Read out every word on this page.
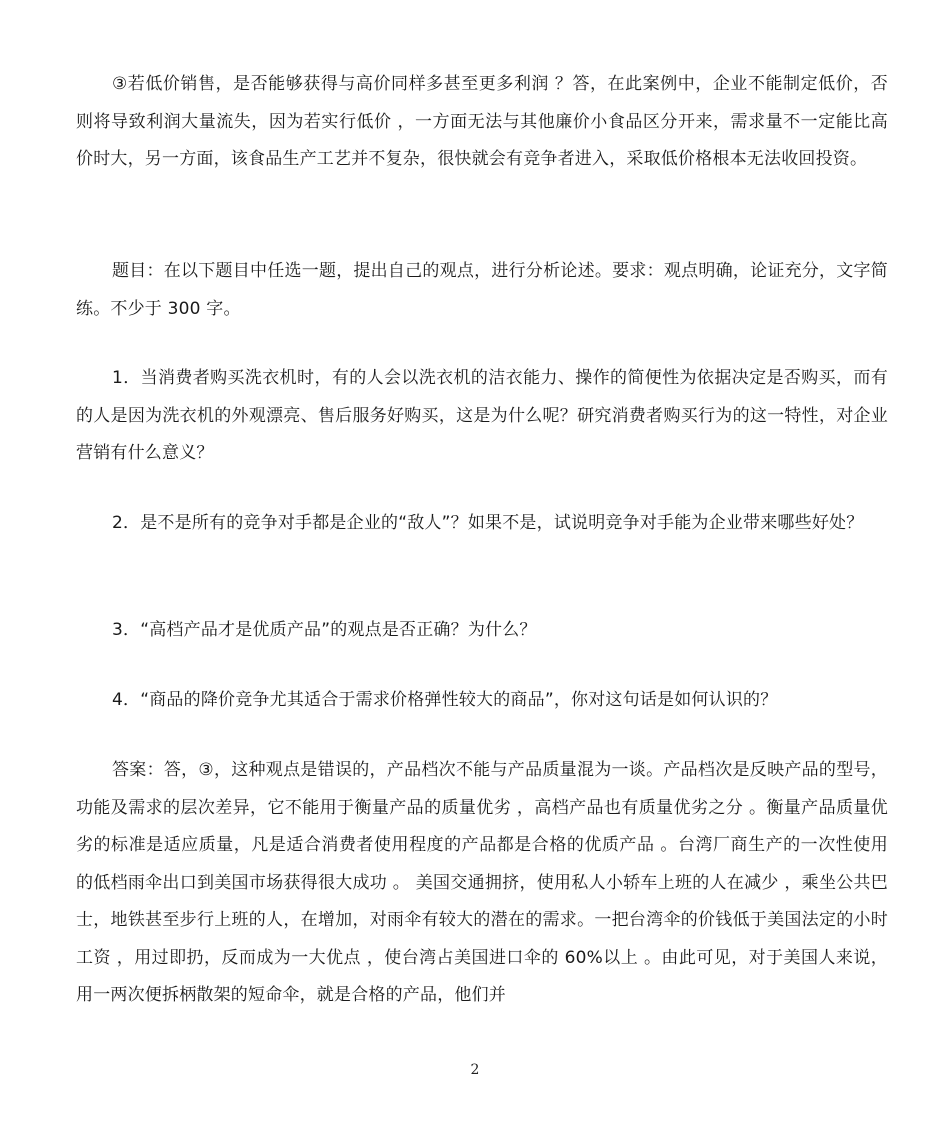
③若低价销售，是否能够获得与高价同样多甚至更多利润 ？答，在此案例中，企业不能制定低价，否则将导致利润大量流失，因为若实行低价 ，一方面无法与其他廉价小食品区分开来，需求量不一定能比高价时大，另一方面，该食品生产工艺并不复杂，很快就会有竞争者进入，采取低价格根本无法收回投资。

题目：在以下题目中任选一题，提出自己的观点，进行分析论述。要求：观点明确，论证充分，文字简练。不少于 300 字。

1．当消费者购买洗衣机时，有的人会以洗衣机的洁衣能力、操作的简便性为依据决定是否购买，而有的人是因为洗衣机的外观漂亮、售后服务好购买，这是为什么呢？研究消费者购买行为的这一特性，对企业营销有什么意义？

2．是不是所有的竞争对手都是企业的“敌人”？如果不是，试说明竞争对手能为企业带来哪些好处？

3．“高档产品才是优质产品”的观点是否正确？为什么？

4．“商品的降价竞争尤其适合于需求价格弹性较大的商品”，你对这句话是如何认识的？

答案：答，③，这种观点是错误的，产品档次不能与产品质量混为一谈。产品档次是反映产品的型号，功能及需求的层次差异，它不能用于衡量产品的质量优劣 ，高档产品也有质量优劣之分 。衡量产品质量优劣的标准是适应质量，凡是适合消费者使用程度的产品都是合格的优质产品 。台湾厂商生产的一次性使用的低档雨伞出口到美国市场获得很大成功 。 美国交通拥挤，使用私人小轿车上班的人在减少 ，乘坐公共巴士，地铁甚至步行上班的人，在增加，对雨伞有较大的潜在的需求。一把台湾伞的价钱低于美国法定的小时工资 ，用过即扔，反而成为一大优点 ，使台湾占美国进口伞的 60%以上 。由此可见，对于美国人来说，用一两次便拆柄散架的短命伞，就是合格的产品，他们并

2
